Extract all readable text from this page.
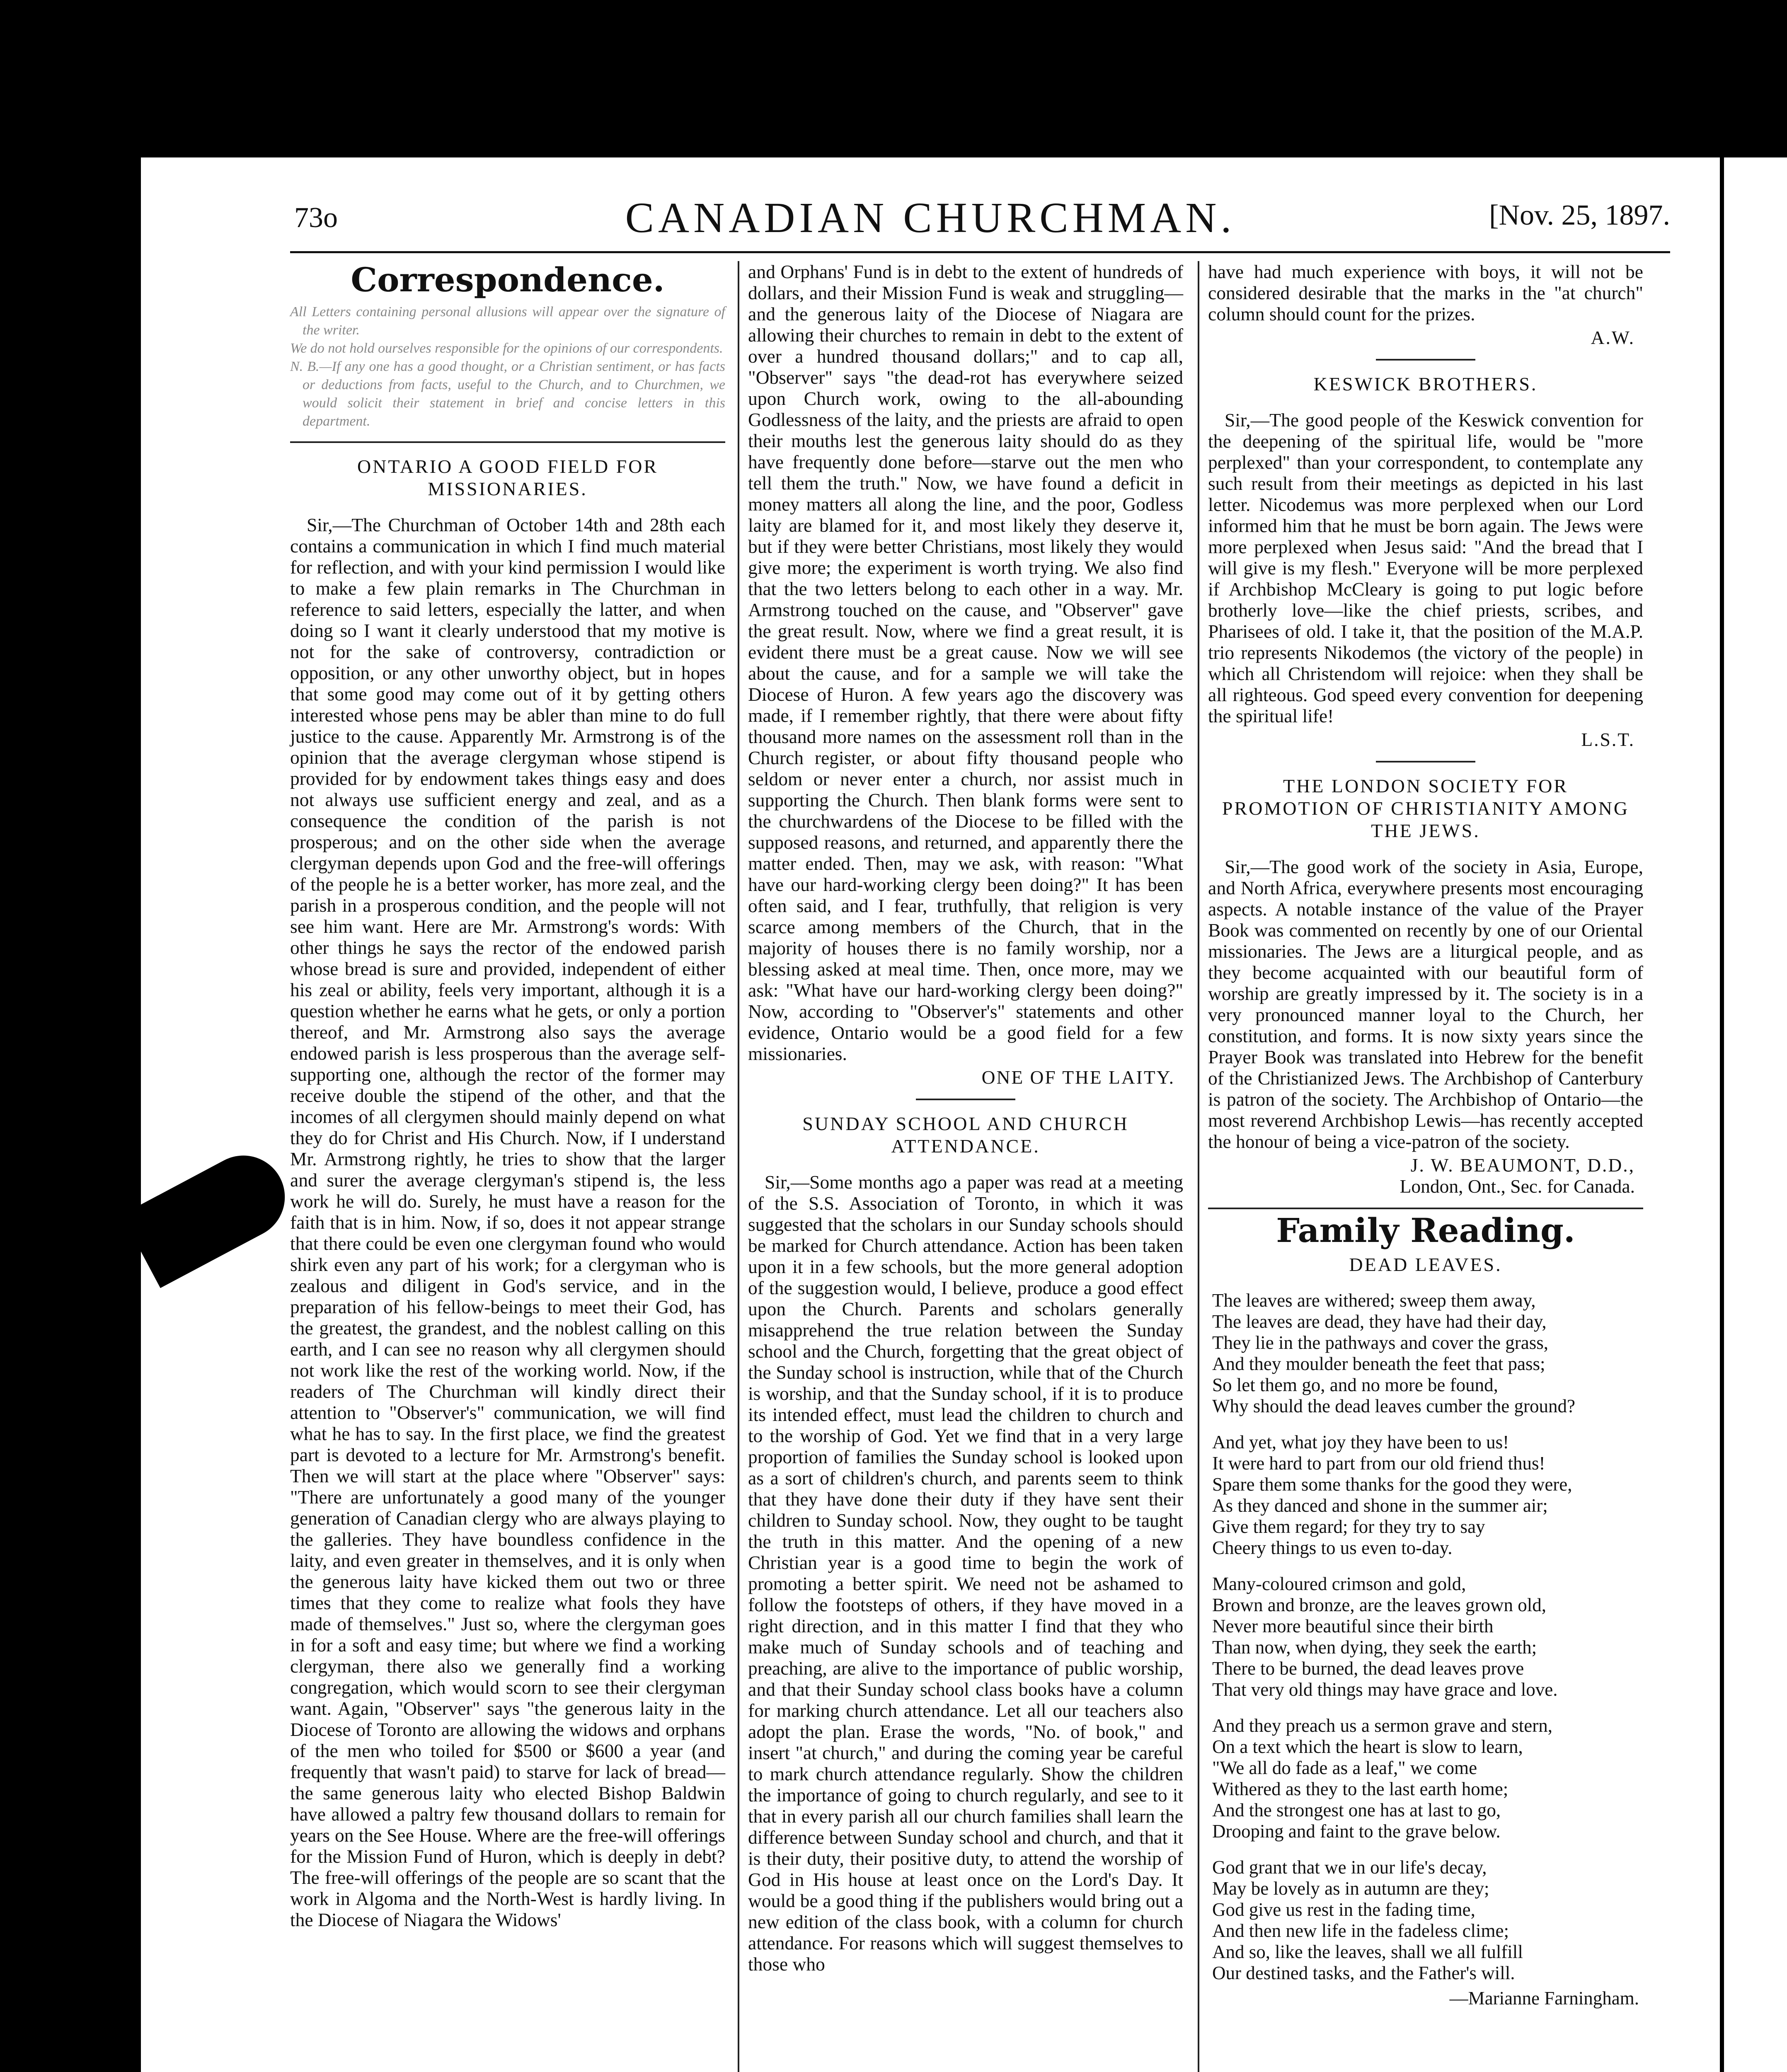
73o	CANADIAN CHURCHMAN.	[Nov. 25, 1897.
Correspondence.

All Letters containing personal allusions will appear over the signature of the writer.

We do not hold ourselves responsible for the opinions of our correspondents.

N. B.—If any one has a good thought, or a Christian sentiment, or has facts or deductions from facts, useful to the Church, and to Churchmen, we would solicit their statement in brief and concise letters in this department.

ONTARIO A GOOD FIELD FOR MISSIONARIES.

Sir,—The Churchman of October 14th and 28th each contains a communication in which I find much material for reflection, and with your kind permission I would like to make a few plain remarks in The Churchman in reference to said letters, especially the latter, and when doing so I want it clearly understood that my motive is not for the sake of controversy, contradiction or opposition, or any other unworthy object, but in hopes that some good may come out of it by getting others interested whose pens may be abler than mine to do full justice to the cause. Apparently Mr. Armstrong is of the opinion that the average clergyman whose stipend is provided for by endowment takes things easy and does not always use sufficient energy and zeal, and as a consequence the condition of the parish is not prosperous; and on the other side when the average clergyman depends upon God and the free-will offerings of the people he is a better worker, has more zeal, and the parish in a prosperous condition, and the people will not see him want. Here are Mr. Armstrong's words: With other things he says the rector of the endowed parish whose bread is sure and provided, independent of either his zeal or ability, feels very important, although it is a question whether he earns what he gets, or only a portion thereof, and Mr. Armstrong also says the average endowed parish is less prosperous than the average self-supporting one, although the rector of the former may receive double the stipend of the other, and that the incomes of all clergymen should mainly depend on what they do for Christ and His Church. Now, if I understand Mr. Armstrong rightly, he tries to show that the larger and surer the average clergyman's stipend is, the less work he will do. Surely, he must have a reason for the faith that is in him. Now, if so, does it not appear strange that there could be even one clergyman found who would shirk even any part of his work; for a clergyman who is zealous and diligent in God's service, and in the preparation of his fellow-beings to meet their God, has the greatest, the grandest, and the noblest calling on this earth, and I can see no reason why all clergymen should not work like the rest of the working world. Now, if the readers of The Churchman will kindly direct their attention to "Observer's" communication, we will find what he has to say. In the first place, we find the greatest part is devoted to a lecture for Mr. Armstrong's benefit. Then we will start at the place where "Observer" says: "There are unfortunately a good many of the younger generation of Canadian clergy who are always playing to the galleries. They have boundless confidence in the laity, and even greater in themselves, and it is only when the generous laity have kicked them out two or three times that they come to realize what fools they have made of themselves." Just so, where the clergyman goes in for a soft and easy time; but where we find a working clergyman, there also we generally find a working congregation, which would scorn to see their clergyman want. Again, "Observer" says "the generous laity in the Diocese of Toronto are allowing the widows and orphans of the men who toiled for $500 or $600 a year (and frequently that wasn't paid) to starve for lack of bread—the same generous laity who elected Bishop Baldwin have allowed a paltry few thousand dollars to remain for years on the See House. Where are the free-will offerings for the Mission Fund of Huron, which is deeply in debt? The free-will offerings of the people are so scant that the work in Algoma and the North-West is hardly living. In the Diocese of Niagara the Widows'

and Orphans' Fund is in debt to the extent of hundreds of dollars, and their Mission Fund is weak and struggling—and the generous laity of the Diocese of Niagara are allowing their churches to remain in debt to the extent of over a hundred thousand dollars;" and to cap all, "Observer" says "the dead-rot has everywhere seized upon Church work, owing to the all-abounding Godlessness of the laity, and the priests are afraid to open their mouths lest the generous laity should do as they have frequently done before—starve out the men who tell them the truth." Now, we have found a deficit in money matters all along the line, and the poor, Godless laity are blamed for it, and most likely they deserve it, but if they were better Christians, most likely they would give more; the experiment is worth trying. We also find that the two letters belong to each other in a way. Mr. Armstrong touched on the cause, and "Observer" gave the great result. Now, where we find a great result, it is evident there must be a great cause. Now we will see about the cause, and for a sample we will take the Diocese of Huron. A few years ago the discovery was made, if I remember rightly, that there were about fifty thousand more names on the assessment roll than in the Church register, or about fifty thousand people who seldom or never enter a church, nor assist much in supporting the Church. Then blank forms were sent to the churchwardens of the Diocese to be filled with the supposed reasons, and returned, and apparently there the matter ended. Then, may we ask, with reason: "What have our hard-working clergy been doing?" It has been often said, and I fear, truthfully, that religion is very scarce among members of the Church, that in the majority of houses there is no family worship, nor a blessing asked at meal time. Then, once more, may we ask: "What have our hard-working clergy been doing?" Now, according to "Observer's" statements and other evidence, Ontario would be a good field for a few missionaries.

ONE OF THE LAITY.
SUNDAY SCHOOL AND CHURCH ATTENDANCE.

Sir,—Some months ago a paper was read at a meeting of the S.S. Association of Toronto, in which it was suggested that the scholars in our Sunday schools should be marked for Church attendance. Action has been taken upon it in a few schools, but the more general adoption of the suggestion would, I believe, produce a good effect upon the Church. Parents and scholars generally misapprehend the true relation between the Sunday school and the Church, forgetting that the great object of the Sunday school is instruction, while that of the Church is worship, and that the Sunday school, if it is to produce its intended effect, must lead the children to church and to the worship of God. Yet we find that in a very large proportion of families the Sunday school is looked upon as a sort of children's church, and parents seem to think that they have done their duty if they have sent their children to Sunday school. Now, they ought to be taught the truth in this matter. And the opening of a new Christian year is a good time to begin the work of promoting a better spirit. We need not be ashamed to follow the footsteps of others, if they have moved in a right direction, and in this matter I find that they who make much of Sunday schools and of teaching and preaching, are alive to the importance of public worship, and that their Sunday school class books have a column for marking church attendance. Let all our teachers also adopt the plan. Erase the words, "No. of book," and insert "at church," and during the coming year be careful to mark church attendance regularly. Show the children the importance of going to church regularly, and see to it that in every parish all our church families shall learn the difference between Sunday school and church, and that it is their duty, their positive duty, to attend the worship of God in His house at least once on the Lord's Day. It would be a good thing if the publishers would bring out a new edition of the class book, with a column for church attendance. For reasons which will suggest themselves to those who

have had much experience with boys, it will not be considered desirable that the marks in the "at church" column should count for the prizes.

A.W.
KESWICK BROTHERS.

Sir,—The good people of the Keswick convention for the deepening of the spiritual life, would be "more perplexed" than your correspondent, to contemplate any such result from their meetings as depicted in his last letter. Nicodemus was more perplexed when our Lord informed him that he must be born again. The Jews were more perplexed when Jesus said: "And the bread that I will give is my flesh." Everyone will be more perplexed if Archbishop McCleary is going to put logic before brotherly love—like the chief priests, scribes, and Pharisees of old. I take it, that the position of the M.A.P. trio represents Nikodemos (the victory of the people) in which all Christendom will rejoice: when they shall be all righteous. God speed every convention for deepening the spiritual life!

L.S.T.
THE LONDON SOCIETY FOR PROMOTION OF CHRISTIANITY AMONG THE JEWS.

Sir,—The good work of the society in Asia, Europe, and North Africa, everywhere presents most encouraging aspects. A notable instance of the value of the Prayer Book was commented on recently by one of our Oriental missionaries. The Jews are a liturgical people, and as they become acquainted with our beautiful form of worship are greatly impressed by it. The society is in a very pronounced manner loyal to the Church, her constitution, and forms. It is now sixty years since the Prayer Book was translated into Hebrew for the benefit of the Christianized Jews. The Archbishop of Canterbury is patron of the society. The Archbishop of Ontario—the most reverend Archbishop Lewis—has recently accepted the honour of being a vice-patron of the society.

J. W. BEAUMONT, D.D.,
London, Ont., Sec. for Canada.
Family Reading.
DEAD LEAVES.
The leaves are withered; sweep them away,
The leaves are dead, they have had their day,
They lie in the pathways and cover the grass,
And they moulder beneath the feet that pass;
So let them go, and no more be found,
Why should the dead leaves cumber the ground?
And yet, what joy they have been to us!
It were hard to part from our old friend thus!
Spare them some thanks for the good they were,
As they danced and shone in the summer air;
Give them regard; for they try to say
Cheery things to us even to-day.
Many-coloured crimson and gold,
Brown and bronze, are the leaves grown old,
Never more beautiful since their birth
Than now, when dying, they seek the earth;
There to be burned, the dead leaves prove
That very old things may have grace and love.
And they preach us a sermon grave and stern,
On a text which the heart is slow to learn,
"We all do fade as a leaf," we come
Withered as they to the last earth home;
And the strongest one has at last to go,
Drooping and faint to the grave below.
God grant that we in our life's decay,
May be lovely as in autumn are they;
God give us rest in the fading time,
And then new life in the fadeless clime;
And so, like the leaves, shall we all fulfill
Our destined tasks, and the Father's will.
—Marianne Farningham.
